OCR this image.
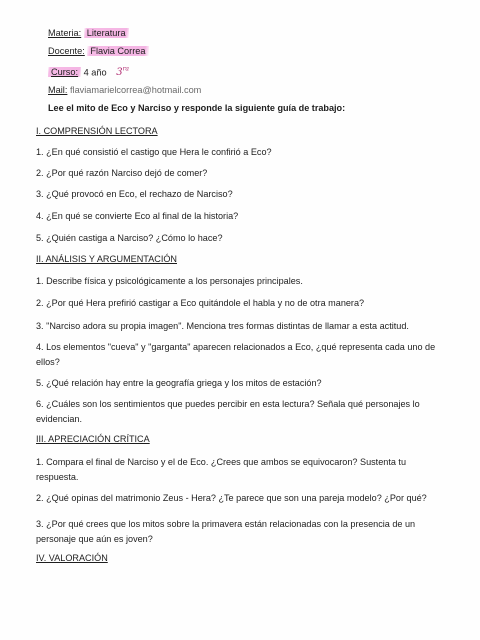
Materia: Literatura
Docente: Flavia Correa
Curso: 4 año $3^{ra}$
Mail: flaviamarielcorrea@hotmail.com
Lee el mito de Eco y Narciso y responde la siguiente guía de trabajo:
I. COMPRENSIÓN LECTORA
1. ¿En qué consistió el castigo que Hera le confirió a Eco?
2. ¿Por qué razón Narciso dejó de comer?
3. ¿Qué provocó en Eco, el rechazo de Narciso?
4. ¿En qué se convierte Eco al final de la historia?
5. ¿Quién castiga a Narciso? ¿Cómo lo hace?
II. ANÁLISIS Y ARGUMENTACIÓN
1. Describe física y psicológicamente a los personajes principales.
2. ¿Por qué Hera prefirió castigar a Eco quitándole el habla y no de otra manera?
3. "Narciso adora su propia imagen". Menciona tres formas distintas de llamar a esta actitud.
4. Los elementos "cueva" y "garganta" aparecen relacionados a Eco, ¿qué representa cada uno de ellos?
5. ¿Qué relación hay entre la geografía griega y los mitos de estación?
6. ¿Cuáles son los sentimientos que puedes percibir en esta lectura? Señala qué personajes lo evidencian.
III. APRECIACIÓN CRÍTICA
1. Compara el final de Narciso y el de Eco. ¿Crees que ambos se equivocaron? Sustenta tu respuesta.
2. ¿Qué opinas del matrimonio Zeus - Hera? ¿Te parece que son una pareja modelo? ¿Por qué?
3. ¿Por qué crees que los mitos sobre la primavera están relacionadas con la presencia de un personaje que aún es joven?
IV. VALORACIÓN
